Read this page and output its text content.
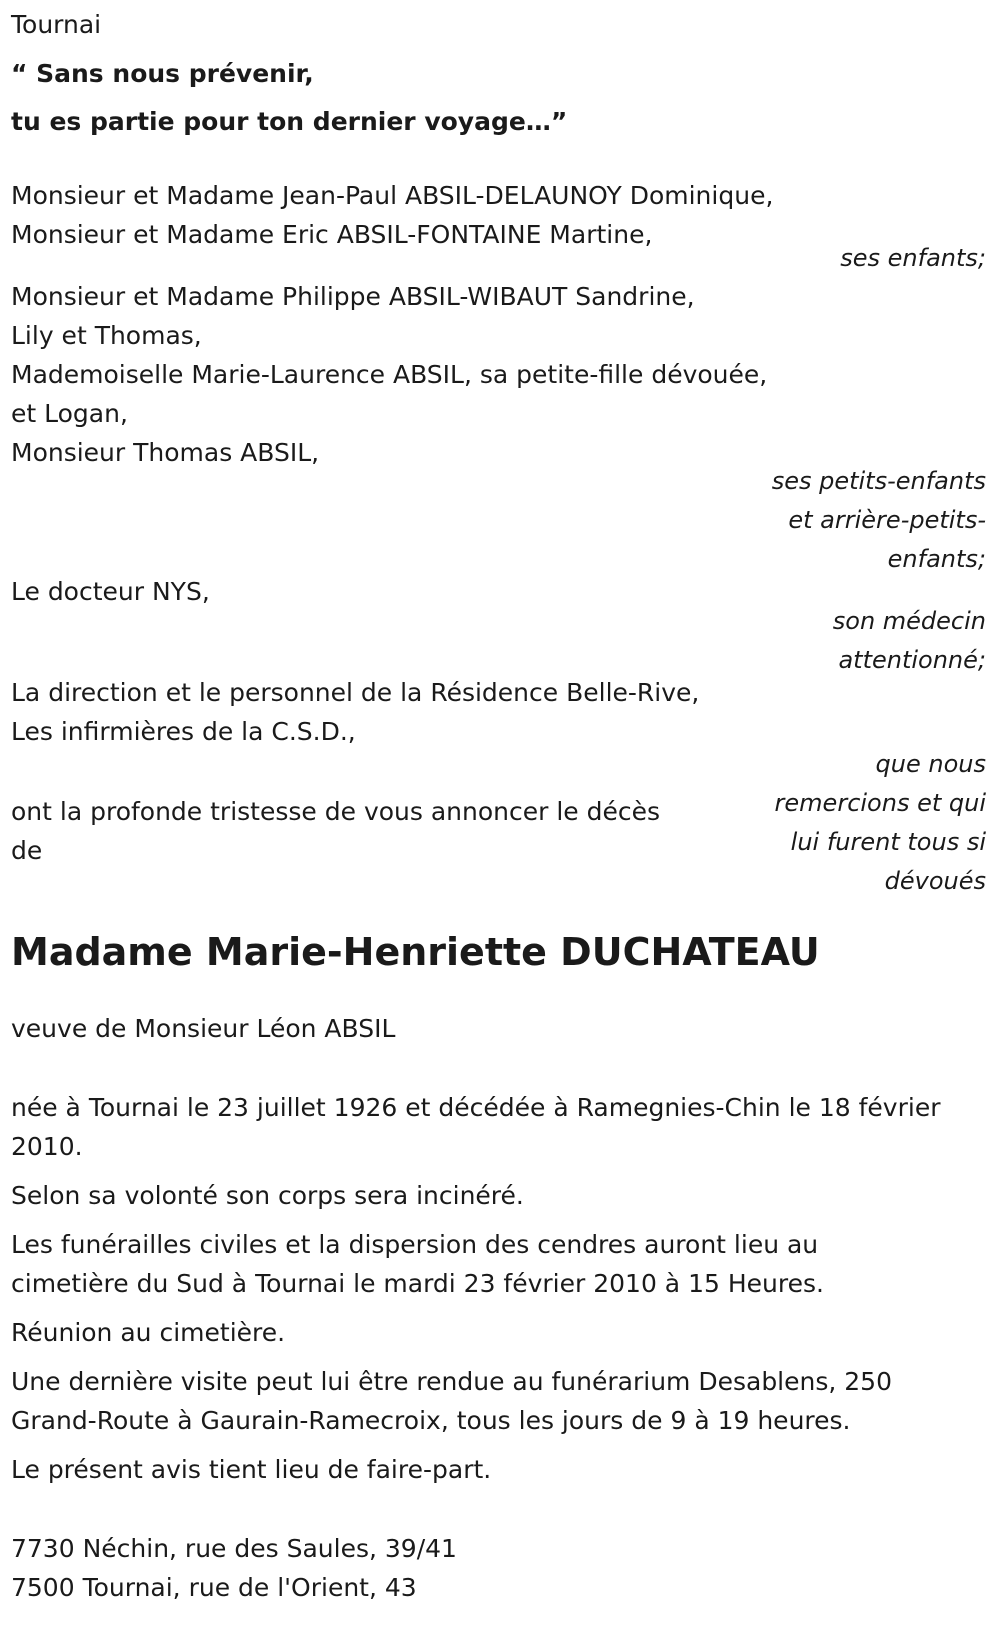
Tournai
“ Sans nous prévenir,
tu es partie pour ton dernier voyage…”
Monsieur et Madame Jean-Paul ABSIL-DELAUNOY Dominique,
Monsieur et Madame Eric ABSIL-FONTAINE Martine,
ses enfants;
Monsieur et Madame Philippe ABSIL-WIBAUT Sandrine,
Lily et Thomas,
Mademoiselle Marie-Laurence ABSIL, sa petite-fille dévouée,
et Logan,
Monsieur Thomas ABSIL,
ses petits-enfants
et arrière-petits-
enfants;
Le docteur NYS,
son médecin
attentionné;
La direction et le personnel de la Résidence Belle-Rive,
Les infirmières de la C.S.D.,
que nous
remercions et qui
lui furent tous si
dévoués
ont la profonde tristesse de vous annoncer le décès
de
Madame Marie-Henriette DUCHATEAU
veuve de Monsieur Léon ABSIL
née à Tournai le 23 juillet 1926 et décédée à Ramegnies-Chin le 18 février
2010.
Selon sa volonté son corps sera incinéré.
Les funérailles civiles et la dispersion des cendres auront lieu au
cimetière du Sud à Tournai le mardi 23 février 2010 à 15 Heures.
Réunion au cimetière.
Une dernière visite peut lui être rendue au funérarium Desablens, 250
Grand-Route à Gaurain-Ramecroix, tous les jours de 9 à 19 heures.
Le présent avis tient lieu de faire-part.
7730 Néchin, rue des Saules, 39/41
7500 Tournai, rue de l'Orient, 43
